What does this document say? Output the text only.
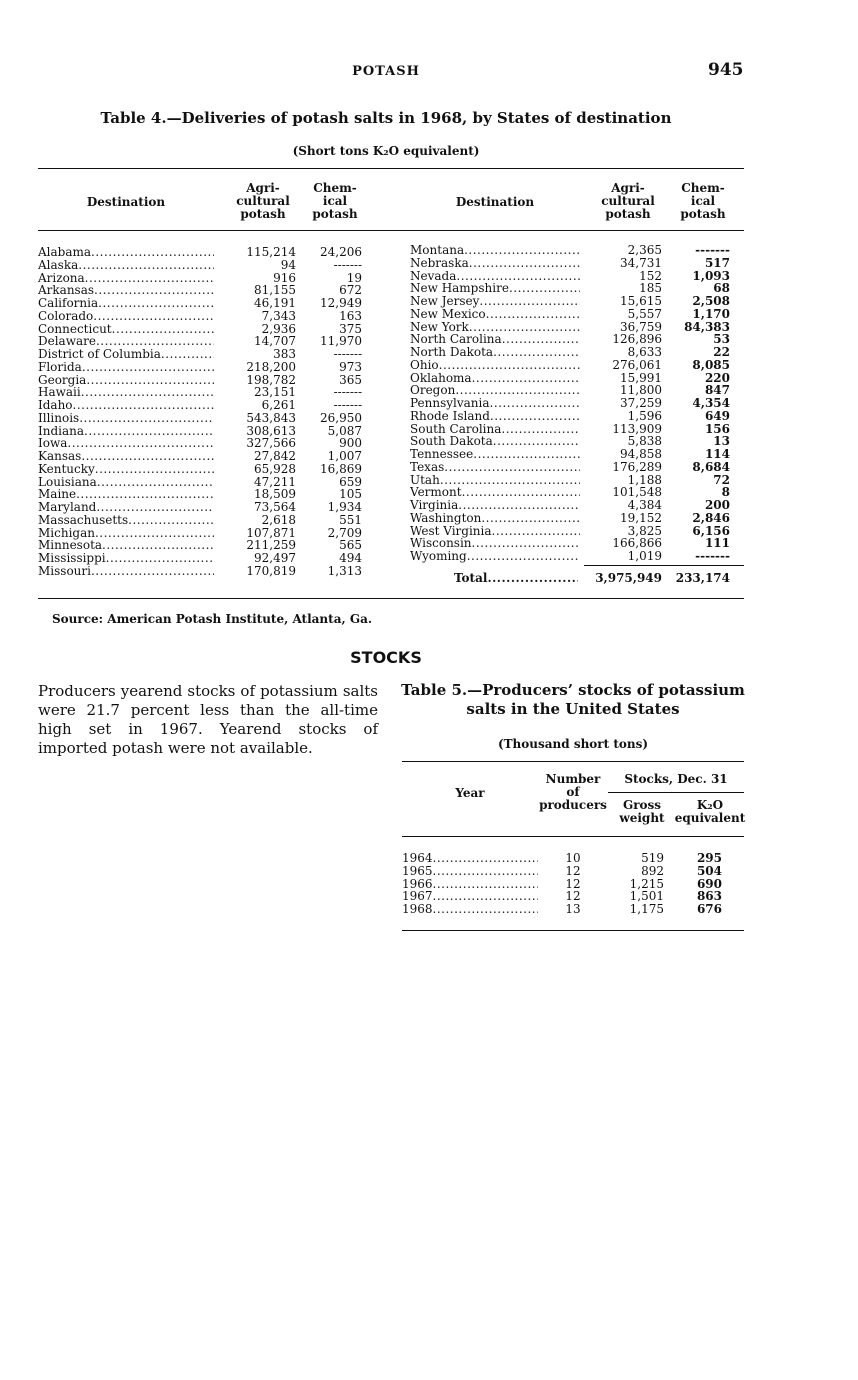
POTASH	945
Table 4.—Deliveries of potash salts in 1968, by States of destination
(Short tons K₂O equivalent)
Destination
Agri-
cultural
potash
Chem-
ical
potash
Destination
Agri-
cultural
potash
Chem-
ical
potash
Alabama
.....
Alaska
.....
Arizona
.....
Arkansas
.....
California
.....
Colorado
.....
Connecticut
.....
Delaware
.....
District of Columbia
.....
Florida
.....
Georgia
.....
Hawaii
.....
Idaho
.....
Illinois
.....
Indiana
.....
Iowa
.....
Kansas
.....
Kentucky
.....
Louisiana
.....
Maine
.....
Maryland
.....
Massachusetts
.....
Michigan
.....
Minnesota
.....
Mississippi
.....
Missouri
.....
115,214
94
916
81,155
46,191
7,343
2,936
14,707
383
218,200
198,782
23,151
6,261
543,843
308,613
327,566
27,842
65,928
47,211
18,509
73,564
2,618
107,871
211,259
92,497
170,819
24,206
-------
19
672
12,949
163
375
11,970
-------
973
365
-------
-------
26,950
5,087
900
1,007
16,869
659
105
1,934
551
2,709
565
494
1,313
Montana
.....
Nebraska
.....
Nevada
.....
New Hampshire
.....
New Jersey
.....
New Mexico
.....
New York
.....
North Carolina
.....
North Dakota
.....
Ohio
.....
Oklahoma
.....
Oregon
.....
Pennsylvania
.....
Rhode Island
.....
South Carolina
.....
South Dakota
.....
Tennessee
.....
Texas
.....
Utah
.....
Vermont
.....
Virginia
.....
Washington
.....
West Virginia
.....
Wisconsin
.....
Wyoming
.....
2,365
34,731
152
185
15,615
5,557
36,759
126,896
8,633
276,061
15,991
11,800
37,259
1,596
113,909
5,838
94,858
176,289
1,188
101,548
4,384
19,152
3,825
166,866
1,019
-------
517
1,093
68
2,508
1,170
84,383
53
22
8,085
220
847
4,354
649
156
13
114
8,684
72
8
200
2,846
6,156
111
-------
Total
.....	3,975,949	233,174
Source: American Potash Institute, Atlanta, Ga.
STOCKS
Producers yearend stocks of potassium salts were 21.7 percent less than the all-time high set in 1967. Yearend stocks of imported potash were not available.
Table 5.—Producers’ stocks of potassium
salts in the United States
(Thousand short tons)
Year
Number
of
producers
Stocks, Dec. 31
Gross
weight
K₂O
equivalent
1964
.....
1965
.....
1966
.....
1967
.....
1968
.....
10
12
12
12
13
519
892
1,215
1,501
1,175
295
504
690
863
676
